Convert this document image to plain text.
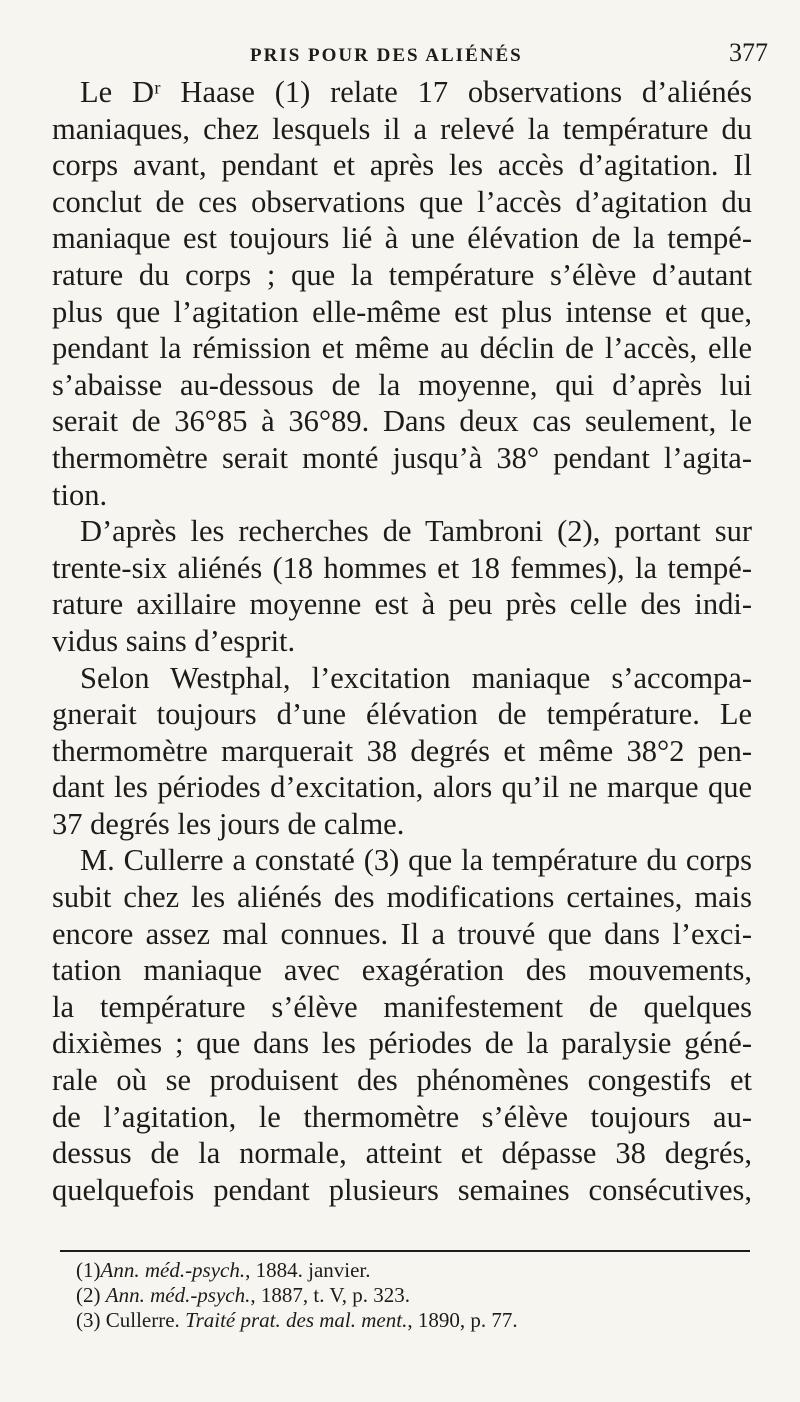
PRIS POUR DES ALIÉNÉS	377

Le Dʳ Haase (1) relate 17 observations d’aliénés
maniaques, chez lesquels il a relevé la température du
corps avant, pendant et après les accès d’agitation. Il
conclut de ces observations que l’accès d’agitation du
maniaque est toujours lié à une élévation de la tempé-
rature du corps ; que la température s’élève d’autant
plus que l’agitation elle-même est plus intense et que,
pendant la rémission et même au déclin de l’accès, elle
s’abaisse au-dessous de la moyenne, qui d’après lui
serait de 36°85 à 36°89. Dans deux cas seulement, le
thermomètre serait monté jusqu’à 38° pendant l’agita-
tion.

D’après les recherches de Tambroni (2), portant sur
trente-six aliénés (18 hommes et 18 femmes), la tempé-
rature axillaire moyenne est à peu près celle des indi-
vidus sains d’esprit.

Selon Westphal, l’excitation maniaque s’accompa-
gnerait toujours d’une élévation de température. Le
thermomètre marquerait 38 degrés et même 38°2 pen-
dant les périodes d’excitation, alors qu’il ne marque que
37 degrés les jours de calme.

M. Cullerre a constaté (3) que la température du corps
subit chez les aliénés des modifications certaines, mais
encore assez mal connues. Il a trouvé que dans l’exci-
tation maniaque avec exagération des mouvements,
la température s’élève manifestement de quelques
dixièmes ; que dans les périodes de la paralysie géné-
rale où se produisent des phénomènes congestifs et
de l’agitation, le thermomètre s’élève toujours au-
dessus de la normale, atteint et dépasse 38 degrés,
quelquefois pendant plusieurs semaines consécutives,

(1)Ann. méd.-psych., 1884. janvier.
(2) Ann. méd.-psych., 1887, t. V, p. 323.
(3) Cullerre. Traité prat. des mal. ment., 1890, p. 77.
